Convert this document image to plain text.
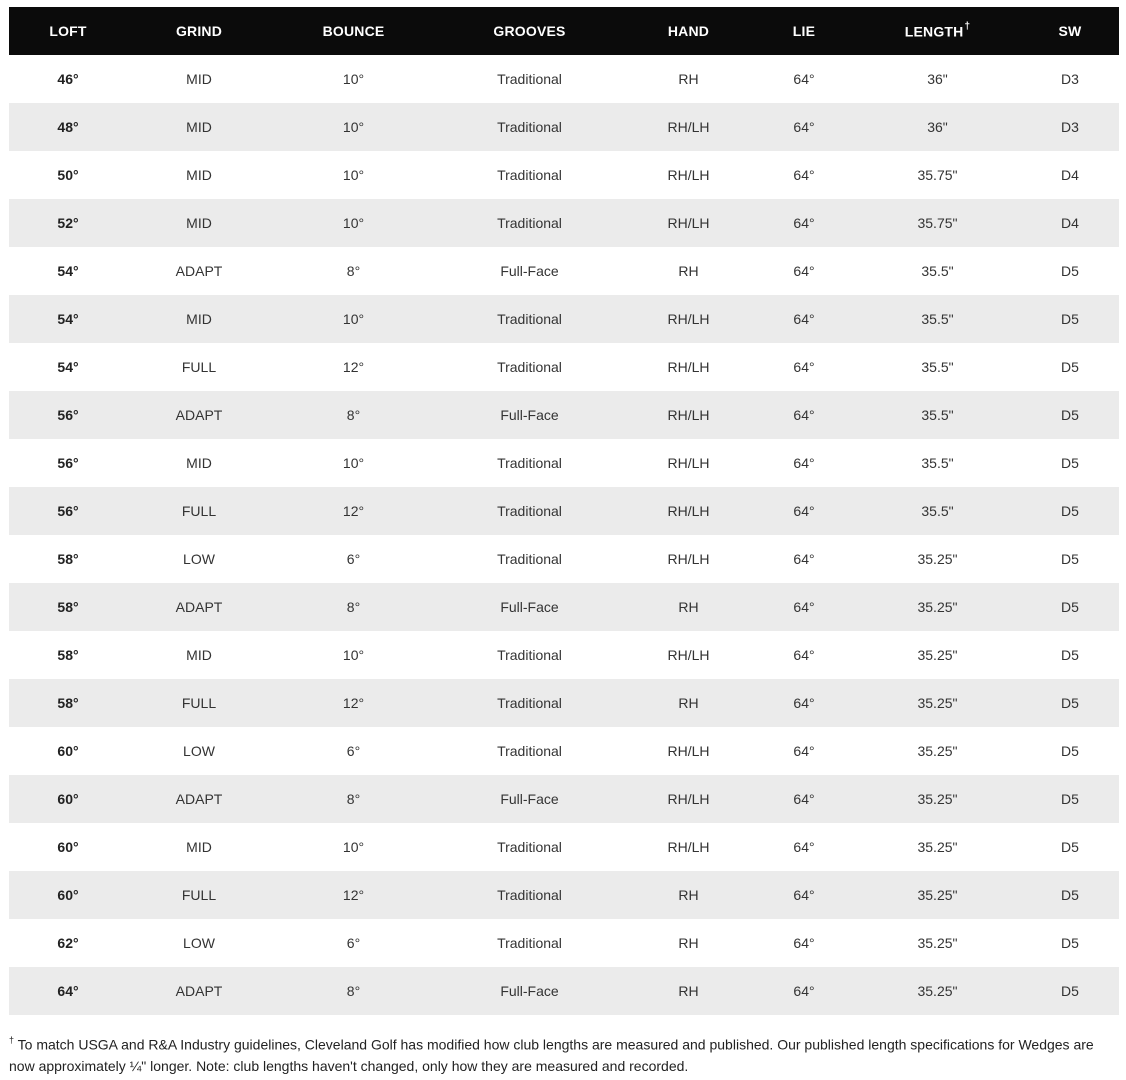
LOFT	GRIND	BOUNCE	GROOVES	HAND	LIE	LENGTH†	SW
46°	MID	10°	Traditional	RH	64°	36"	D3
48°	MID	10°	Traditional	RH/LH	64°	36"	D3
50°	MID	10°	Traditional	RH/LH	64°	35.75"	D4
52°	MID	10°	Traditional	RH/LH	64°	35.75"	D4
54°	ADAPT	8°	Full-Face	RH	64°	35.5"	D5
54°	MID	10°	Traditional	RH/LH	64°	35.5"	D5
54°	FULL	12°	Traditional	RH/LH	64°	35.5"	D5
56°	ADAPT	8°	Full-Face	RH/LH	64°	35.5"	D5
56°	MID	10°	Traditional	RH/LH	64°	35.5"	D5
56°	FULL	12°	Traditional	RH/LH	64°	35.5"	D5
58°	LOW	6°	Traditional	RH/LH	64°	35.25"	D5
58°	ADAPT	8°	Full-Face	RH	64°	35.25"	D5
58°	MID	10°	Traditional	RH/LH	64°	35.25"	D5
58°	FULL	12°	Traditional	RH	64°	35.25"	D5
60°	LOW	6°	Traditional	RH/LH	64°	35.25"	D5
60°	ADAPT	8°	Full-Face	RH/LH	64°	35.25"	D5
60°	MID	10°	Traditional	RH/LH	64°	35.25"	D5
60°	FULL	12°	Traditional	RH	64°	35.25"	D5
62°	LOW	6°	Traditional	RH	64°	35.25"	D5
64°	ADAPT	8°	Full-Face	RH	64°	35.25"	D5

† To match USGA and R&A Industry guidelines, Cleveland Golf has modified how club lengths are measured and published. Our published length specifications for Wedges are now approximately ¼" longer. Note: club lengths haven't changed, only how they are measured and recorded.
